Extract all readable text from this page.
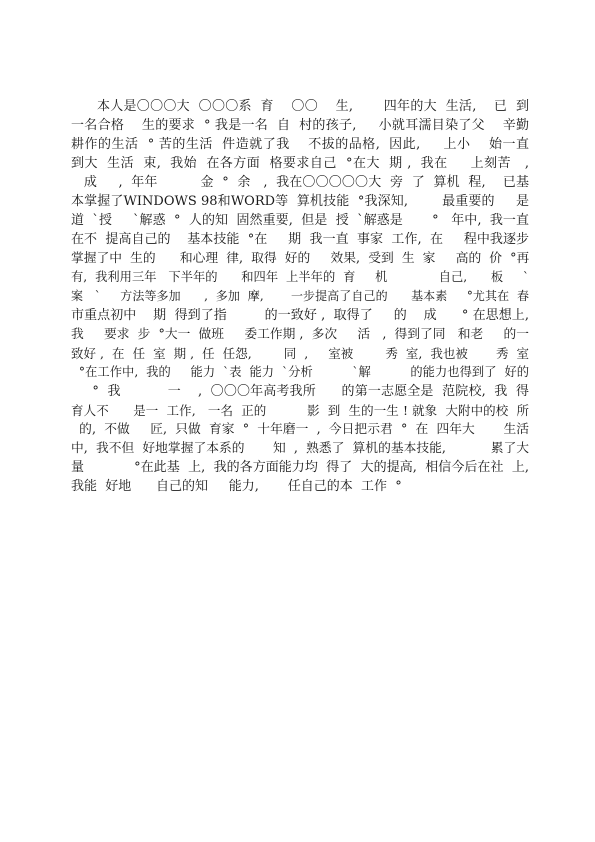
本人是〇〇〇大  〇〇〇系  育    〇〇    生,       四年的大  生活,    已  到
一名合格    生的要求  ° 我是一名  自  村的孩子,     小就耳濡目染了父    辛勤
耕作的生活  ° 苦的生活  件造就了我    不拔的品格,  因此,     上小    始一直
到大  生活  束,  我始  在各方面  格要求自己  °在大  期 ,  我在     上刻苦   ,
成     ,  年年          金  °  余   ,  我在〇〇〇〇〇大  旁  了  算机  程,    已基
本掌握了WINDOWS 98和WORD等  算机技能  °我深知,        最重要的     是
道  `授     `解惑  °  人的知  固然重要,  但是  授  `解惑是       °   年中,  我一直
在不  提高自己的    基本技能  °在     期  我一直  事家  工作,  在     程中我逐步
掌握了中  生的      和心理  律,  取得  好的     效果,  受到  生  家     高的  价  °再
有,  我利用三年   下半年的      和四年  上半年的  育     机             自己,      板     `
案   `     方法等多加      ,  多加  摩,       一步提高了自己的      基本素     °尤其在  春
市重点初中    期  得到了指         的一致好 ,  取得了     的    成      ° 在思想上,
我     要求  步  °大一  做班     委工作期 ,  多次     活   ,  得到了同   和老     的一
致好 ,  在  任  室  期 ,  任  任怨,        同  ,     室被        秀  室,  我也被       秀  室
°在工作中,  我的     能力  `表  能力  `分析          `解          的能力也得到了  好的
°  我           一    ,  〇〇〇年高考我所      的第一志愿全是  范院校,  我  得
育人不      是一  工作,   一名  正的          影  到  生的一生 ! 就象  大附中的校  所
的,  不做     匠,  只做  育家  °  十年磨一  ,  今日把示君  °  在  四年大       生活
中,  我不但  好地掌握了本系的       知  ,  熟悉了  算机的基本技能,           累了大
量            °在此基  上,  我的各方面能力均  得了  大的提高,  相信今后在社  上,
我能  好地      自己的知     能力,       任自己的本  工作  °
